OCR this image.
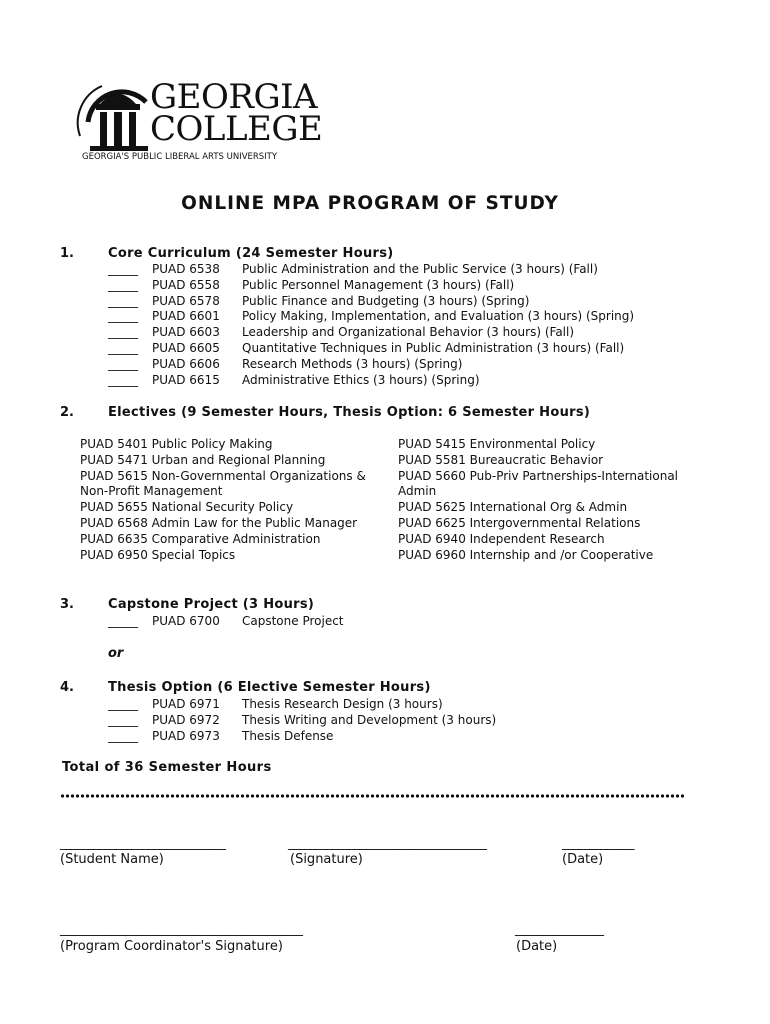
GEORGIA
COLLEGE
GEORGIA'S PUBLIC LIBERAL ARTS UNIVERSITY
ONLINE MPA PROGRAM OF STUDY
1.	Core Curriculum (24 Semester Hours)
_____ PUAD 6538 Public Administration and the Public Service (3 hours) (Fall)
_____ PUAD 6558 Public Personnel Management (3 hours) (Fall)
_____ PUAD 6578 Public Finance and Budgeting (3 hours) (Spring)
_____ PUAD 6601 Policy Making, Implementation, and Evaluation (3 hours) (Spring)
_____ PUAD 6603 Leadership and Organizational Behavior (3 hours) (Fall)
_____ PUAD 6605 Quantitative Techniques in Public Administration (3 hours) (Fall)
_____ PUAD 6606 Research Methods (3 hours) (Spring)
_____ PUAD 6615 Administrative Ethics (3 hours) (Spring)
2.	Electives (9 Semester Hours, Thesis Option: 6 Semester Hours)
PUAD 5401 Public Policy Making
PUAD 5471 Urban and Regional Planning
PUAD 5615 Non-Governmental Organizations &
Non-Profit Management
PUAD 5655 National Security Policy
PUAD 6568 Admin Law for the Public Manager
PUAD 6635 Comparative Administration
PUAD 6950 Special Topics
PUAD 5415 Environmental Policy
PUAD 5581 Bureaucratic Behavior
PUAD 5660 Pub-Priv Partnerships-International
Admin
PUAD 5625 International Org & Admin
PUAD 6625 Intergovernmental Relations
PUAD 6940 Independent Research
PUAD 6960 Internship and /or Cooperative
3.	Capstone Project (3 Hours)
_____ PUAD 6700 Capstone Project
or
4.	Thesis Option (6 Elective Semester Hours)
_____ PUAD 6971 Thesis Research Design (3 hours)
_____ PUAD 6972 Thesis Writing and Development (3 hours)
_____ PUAD 6973 Thesis Defense
Total of 36 Semester Hours
______________________________	____________________________________	_____________
(Student Name)	(Signature)	(Date)
____________________________________________	________________
(Program Coordinator's Signature)	(Date)
